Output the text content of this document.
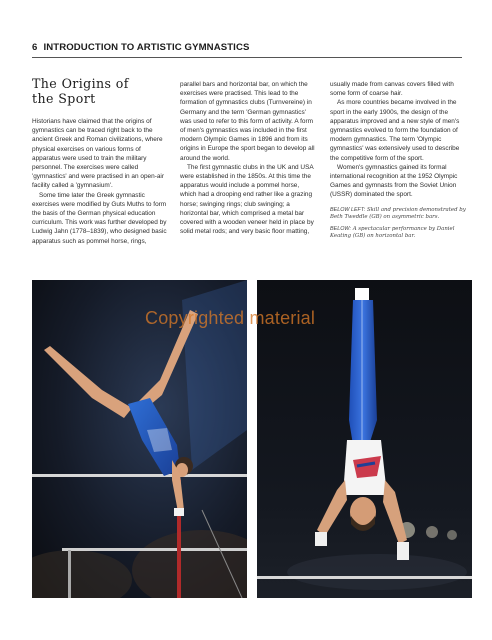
6 INTRODUCTION TO ARTISTIC GYMNASTICS
The Origins of
the Sport

Historians have claimed that the origins of gymnastics can be traced right back to the ancient Greek and Roman civilizations, where physical exercises on various forms of apparatus were used to train the military personnel. The exercises were called 'gymnastics' and were practised in an open-air facility called a 'gymnasium'.

Some time later the Greek gymnastic exercises were modified by Guts Muths to form the basis of the German physical education curriculum. This work was further developed by Ludwig Jahn (1778–1839), who designed basic apparatus such as pommel horse, rings,

parallel bars and horizontal bar, on which the exercises were practised. This lead to the formation of gymnastics clubs (Turnvereine) in Germany and the term 'German gymnastics' was used to refer to this form of activity. A form of men's gymnastics was included in the first modern Olympic Games in 1896 and from its origins in Europe the sport began to develop all around the world.

The first gymnastic clubs in the UK and USA were established in the 1850s. At this time the apparatus would include a pommel horse, which had a drooping end rather like a grazing horse; swinging rings; club swinging; a horizontal bar, which comprised a metal bar covered with a wooden veneer held in place by solid metal rods; and very basic floor matting,

usually made from canvas covers filled with some form of coarse hair.

As more countries became involved in the sport in the early 1900s, the design of the apparatus improved and a new style of men's gymnastics evolved to form the foundation of modern gymnastics. The term 'Olympic gymnastics' was extensively used to describe the competitive form of the sport.

Women's gymnastics gained its formal international recognition at the 1952 Olympic Games and gymnasts from the Soviet Union (USSR) dominated the sport.

BELOW LEFT: Skill and precision demonstrated by Beth Tweddle (GB) on asymmetric bars.
BELOW: A spectacular performance by Daniel Keating (GB) on horizontal bar.
Copyrighted material
